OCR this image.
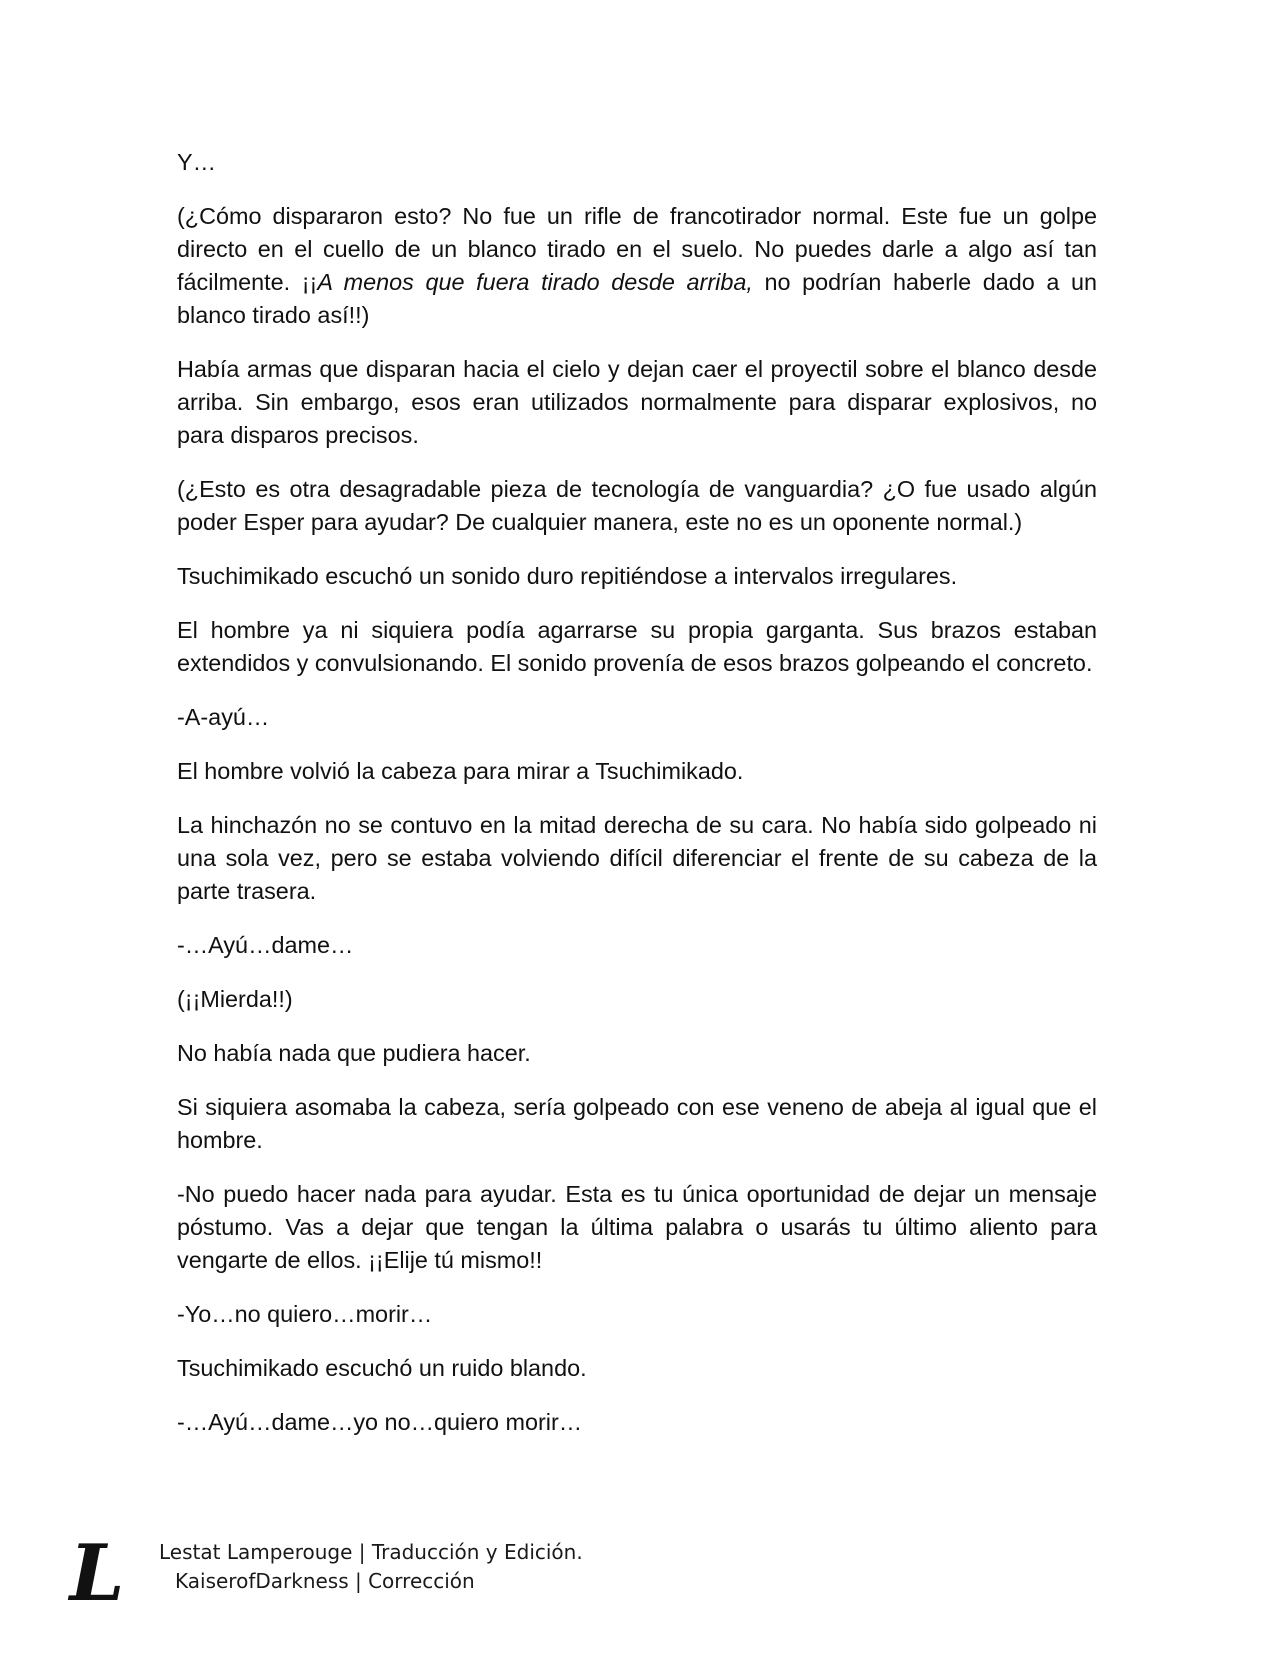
Y…

(¿Cómo dispararon esto? No fue un rifle de francotirador normal. Este fue un golpe directo en el cuello de un blanco tirado en el suelo. No puedes darle a algo así tan fácilmente. ¡¡A menos que fuera tirado desde arriba, no podrían haberle dado a un blanco tirado así!!)

Había armas que disparan hacia el cielo y dejan caer el proyectil sobre el blanco desde arriba. Sin embargo, esos eran utilizados normalmente para disparar explosivos, no para disparos precisos.

(¿Esto es otra desagradable pieza de tecnología de vanguardia? ¿O fue usado algún poder Esper para ayudar? De cualquier manera, este no es un oponente normal.)

Tsuchimikado escuchó un sonido duro repitiéndose a intervalos irregulares.

El hombre ya ni siquiera podía agarrarse su propia garganta. Sus brazos estaban extendidos y convulsionando. El sonido provenía de esos brazos golpeando el concreto.

-A-ayú…

El hombre volvió la cabeza para mirar a Tsuchimikado.

La hinchazón no se contuvo en la mitad derecha de su cara. No había sido golpeado ni una sola vez, pero se estaba volviendo difícil diferenciar el frente de su cabeza de la parte trasera.

-…Ayú…dame…

(¡¡Mierda!!)

No había nada que pudiera hacer.

Si siquiera asomaba la cabeza, sería golpeado con ese veneno de abeja al igual que el hombre.

-No puedo hacer nada para ayudar. Esta es tu única oportunidad de dejar un mensaje póstumo. Vas a dejar que tengan la última palabra o usarás tu último aliento para vengarte de ellos. ¡¡Elije tú mismo!!

-Yo…no quiero…morir…

Tsuchimikado escuchó un ruido blando.

-…Ayú…dame…yo no…quiero morir…

L Lestat Lamperouge | Traducción y Edición.
KaiserofDarkness | Corrección
